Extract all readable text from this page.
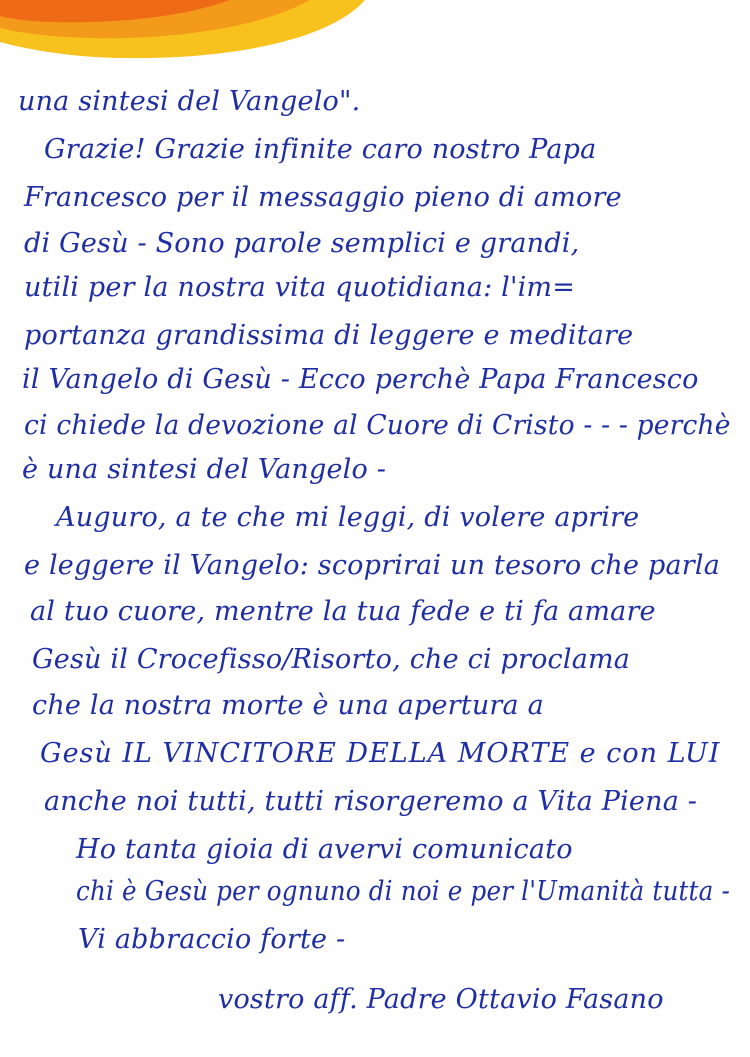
una sintesi del Vangelo".
Grazie! Grazie infinite caro nostro Papa
Francesco per il messaggio pieno di amore
di Gesù - Sono parole semplici e grandi,
utili per la nostra vita quotidiana: l'im=
portanza grandissima di leggere e meditare
il Vangelo di Gesù - Ecco perchè Papa Francesco
ci chiede la devozione al Cuore di Cristo - - - perchè
è una sintesi del Vangelo -
Auguro, a te che mi leggi, di volere aprire
e leggere il Vangelo: scoprirai un tesoro che parla
al tuo cuore, mentre la tua fede e ti fa amare
Gesù il Crocefisso/Risorto, che ci proclama
che la nostra morte è una apertura a
Gesù IL VINCITORE DELLA MORTE e con LUI
anche noi tutti, tutti risorgeremo a Vita Piena -
Ho tanta gioia di avervi comunicato
chi è Gesù per ognuno di noi e per l'Umanità tutta -
Vi abbraccio forte -
vostro aff. Padre Ottavio Fasano
